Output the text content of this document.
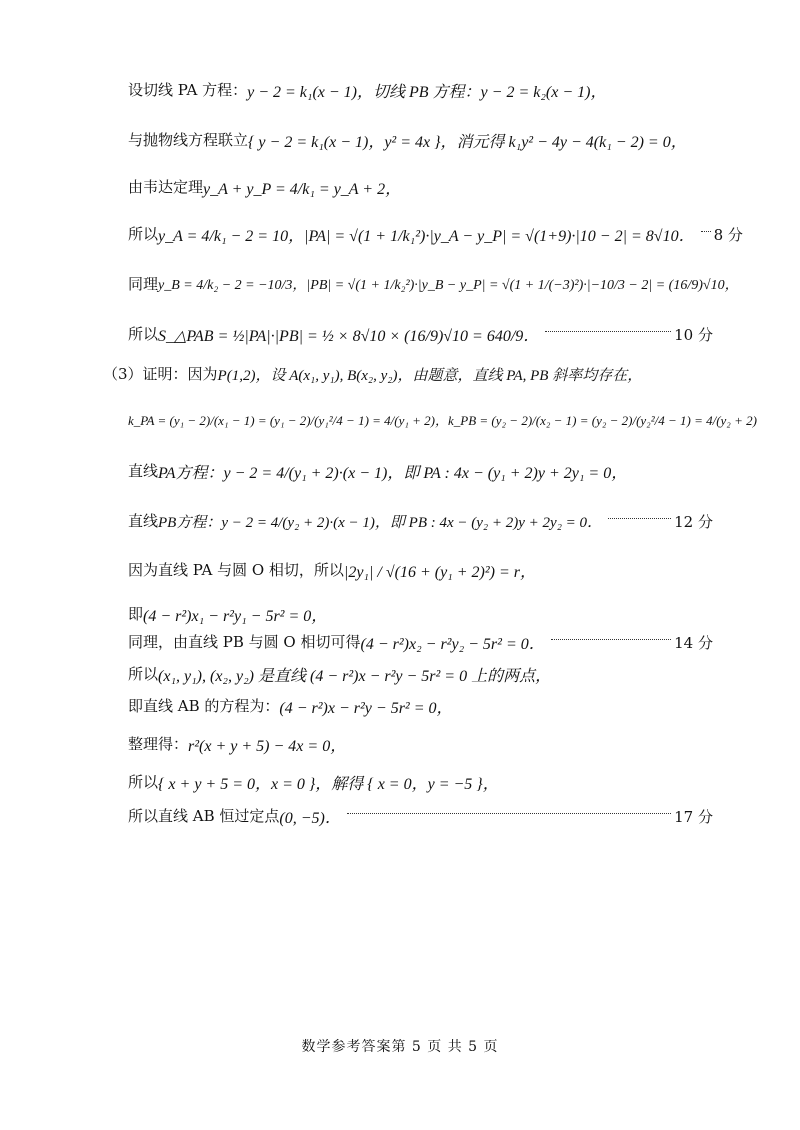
设切线 PA 方程： y − 2 = k₁(x − 1)，切线 PB 方程：y − 2 = k₂(x − 1)，
与抛物线方程联立 { y − 2 = k₁(x − 1)，y² = 4x }，消元得 k₁y² − 4y − 4(k₁ − 2) = 0，
由韦达定理 y_A + y_P = 4/k₁ = y_A + 2，
所以 y_A = 4/k₁ − 2 = 10，|PA| = √(1 + 1/k₁²)·|y_A − y_P| = √(1+9)·|10 − 2| = 8√10． 8 分
同理 y_B = 4/k₂ − 2 = −10/3，|PB| = √(1 + 1/k₂²)·|y_B − y_P| = √(1 + 1/(−3)²)·|−10/3 − 2| = (16/9)√10，
所以 S_△PAB = ½|PA|·|PB| = ½ × 8√10 × (16/9)√10 = 640/9．	10 分
（3）证明：因为 P(1,2)，设 A(x₁, y₁), B(x₂, y₂)，由题意，直线 PA, PB 斜率均存在，
k_PA = (y₁ − 2)/(x₁ − 1) = (y₁ − 2)/(y₁²/4 − 1) = 4/(y₁ + 2)，k_PB = (y₂ − 2)/(x₂ − 1) = (y₂ − 2)/(y₂²/4 − 1) = 4/(y₂ + 2)
直线 PA方程：y − 2 = 4/(y₁ + 2)·(x − 1)，即 PA : 4x − (y₁ + 2)y + 2y₁ = 0，
直线 PB方程：y − 2 = 4/(y₂ + 2)·(x − 1)，即 PB : 4x − (y₂ + 2)y + 2y₂ = 0．	12 分
因为直线 PA 与圆 O 相切，所以 |2y₁| / √(16 + (y₁ + 2)²) = r，
即 (4 − r²)x₁ − r²y₁ − 5r² = 0，
同理，由直线 PB 与圆 O 相切可得 (4 − r²)x₂ − r²y₂ − 5r² = 0．	14 分
所以 (x₁, y₁), (x₂, y₂) 是直线 (4 − r²)x − r²y − 5r² = 0 上的两点，
即直线 AB 的方程为： (4 − r²)x − r²y − 5r² = 0，
整理得： r²(x + y + 5) − 4x = 0，
所以 { x + y + 5 = 0，x = 0 }，解得 { x = 0，y = −5 }，
所以直线 AB 恒过定点 (0, −5)．	17 分
数学参考答案第 5 页 共 5 页
